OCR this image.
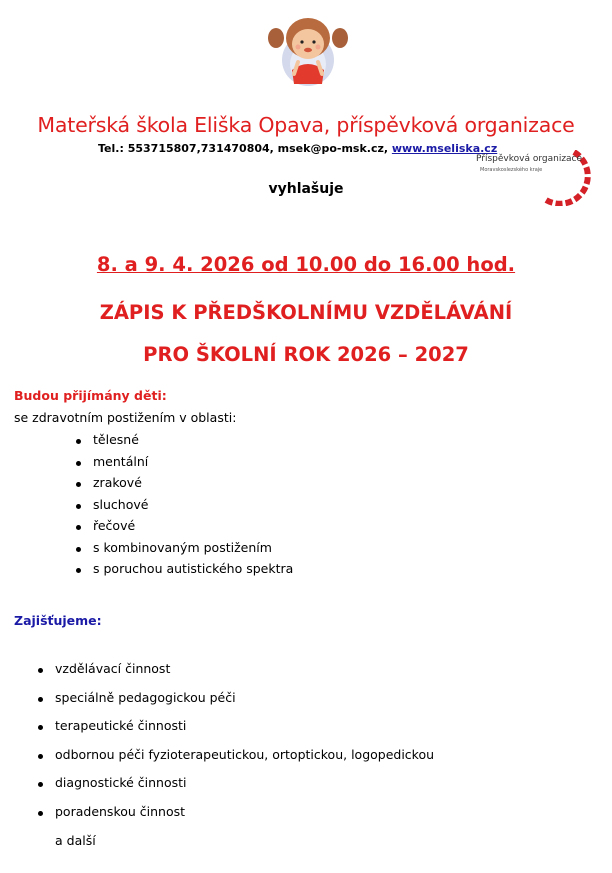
Mateřská škola Eliška Opava, příspěvková organizace
Tel.: 553715807,731470804, msek@po-msk.cz, www.mseliska.cz
Příspěvková organizace
Moravskoslezského kraje
vyhlašuje
8. a 9. 4. 2026 od 10.00 do 16.00 hod.
ZÁPIS K PŘEDŠKOLNÍMU VZDĚLÁVÁNÍ
PRO ŠKOLNÍ ROK 2026 – 2027
Budou přijímány děti:
se zdravotním postižením v oblasti:
tělesné
mentální
zrakové
sluchové
řečové
s kombinovaným postižením
s poruchou autistického spektra
Zajišťujeme:
vzdělávací činnost
speciálně pedagogickou péči
terapeutické činnosti
odbornou péči fyzioterapeutickou, ortoptickou, logopedickou
diagnostické činnosti
poradenskou činnost
a další
